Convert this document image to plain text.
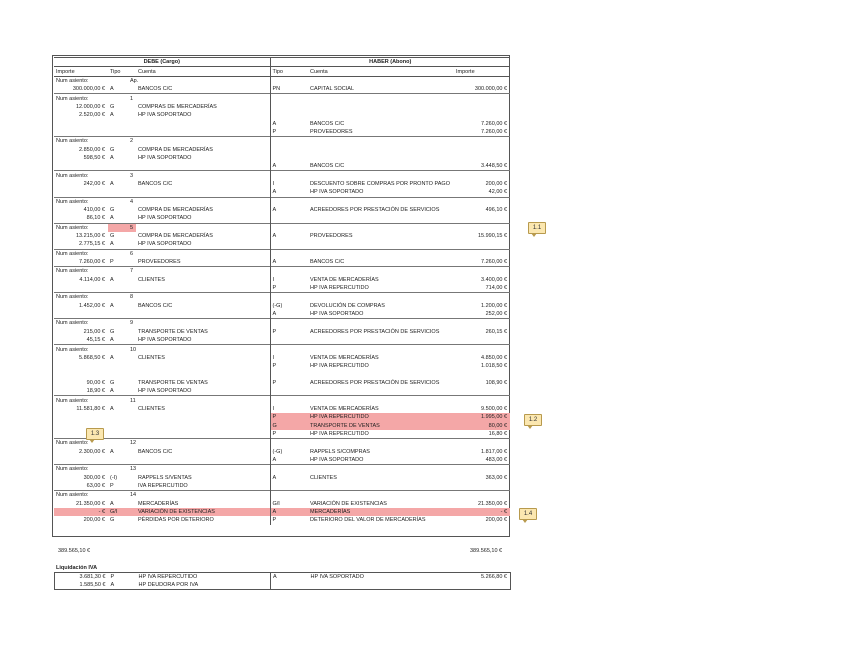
DEBE (Cargo)			HABER (Abono)		
Importe	Tipo	Cuenta	Tipo	Cuenta	Importe
Num asiento:	Ap.				
300.000,00 €	A	BANCOS C/C	PN	CAPITAL SOCIAL	300.000,00 €
Num asiento:	1				
12.000,00 €	G	COMPRAS DE MERCADERÍAS			
2.520,00 €	A	HP IVA SOPORTADO			
			A	BANCOS C/C	7.260,00 €
			P	PROVEEDORES	7.260,00 €
Num asiento:	2				
2.850,00 €	G	COMPRA DE MERCADERÍAS			
598,50 €	A	HP IVA SOPORTADO			
			A	BANCOS C/C	3.448,50 €
Num asiento:	3				
242,00 €	A	BANCOS C/C	I	DESCUENTO SOBRE COMPRAS POR PRONTO PAGO	200,00 €
			A	HP IVA SOPORTADO	42,00 €
Num asiento:	4				
410,00 €	G	COMPRA DE MERCADERÍAS	A	ACREEDORES POR PRESTACIÓN DE SERVICIOS	496,10 €
86,10 €	A	HP IVA SOPORTADO			
Num asiento:	5				
13.215,00 €	G	COMPRA DE MERCADERÍAS	A	PROVEEDORES	15.990,15 €
2.775,15 €	A	HP IVA SOPORTADO			
Num asiento:	6				
7.260,00 €	P	PROVEEDORES	A	BANCOS C/C	7.260,00 €
Num asiento:	7				
4.114,00 €	A	CLIENTES	I	VENTA DE MERCADERÍAS	3.400,00 €
			P	HP IVA REPERCUTIDO	714,00 €
Num asiento:	8				
1.452,00 €	A	BANCOS C/C	(-G)	DEVOLUCIÓN DE COMPRAS	1.200,00 €
			A	HP IVA SOPORTADO	252,00 €
Num asiento:	9				
215,00 €	G	TRANSPORTE DE VENTAS	P	ACREEDORES POR PRESTACIÓN DE SERVICIOS	260,15 €
45,15 €	A	HP IVA SOPORTADO			
Num asiento:	10				
5.868,50 €	A	CLIENTES	I	VENTA DE MERCADERÍAS	4.850,00 €
			P	HP IVA REPERCUTIDO	1.018,50 €

90,00 €	G	TRANSPORTE DE VENTAS	P	ACREEDORES POR PRESTACIÓN DE SERVICIOS	108,90 €
18,90 €	A	HP IVA SOPORTADO			
Num asiento:	11				
11.581,80 €	A	CLIENTES	I	VENTA DE MERCADERÍAS	9.500,00 €
			P	HP IVA REPERCUTIDO	1.995,00 €
			G	TRANSPORTE DE VENTAS	80,00 €
			P	HP IVA REPERCUTIDO	16,80 €
Num asiento:	12				
2.300,00 €	A	BANCOS C/C	(-G)	RAPPELS S/COMPRAS	1.817,00 €
			A	HP IVA SOPORTADO	483,00 €
Num asiento:	13				
300,00 €	(-I)	RAPPELS S/VENTAS	A	CLIENTES	363,00 €
63,00 €	P	IVA REPERCUTIDO			
Num asiento:	14				
21.350,00 €	A	MERCADERÍAS	G/I	VARIACIÓN DE EXISTENCIAS	21.350,00 €
- €	G/I	VARIACIÓN DE EXISTENCIAS	A	MERCADERÍAS	- €
200,00 €	G	PÉRDIDAS POR DETERIORO	P	DETERIORO DEL VALOR DE MERCADERÍAS	200,00 €
389.565,10 €	389.565,10 €
Liquidación IVA
3.681,30 €	P	HP IVA REPERCUTIDO	A	HP IVA SOPORTADO	5.266,80 €
1.585,50 €	A	HP DEUDORA POR IVA			
1.1
1.2
1.3
1.4
